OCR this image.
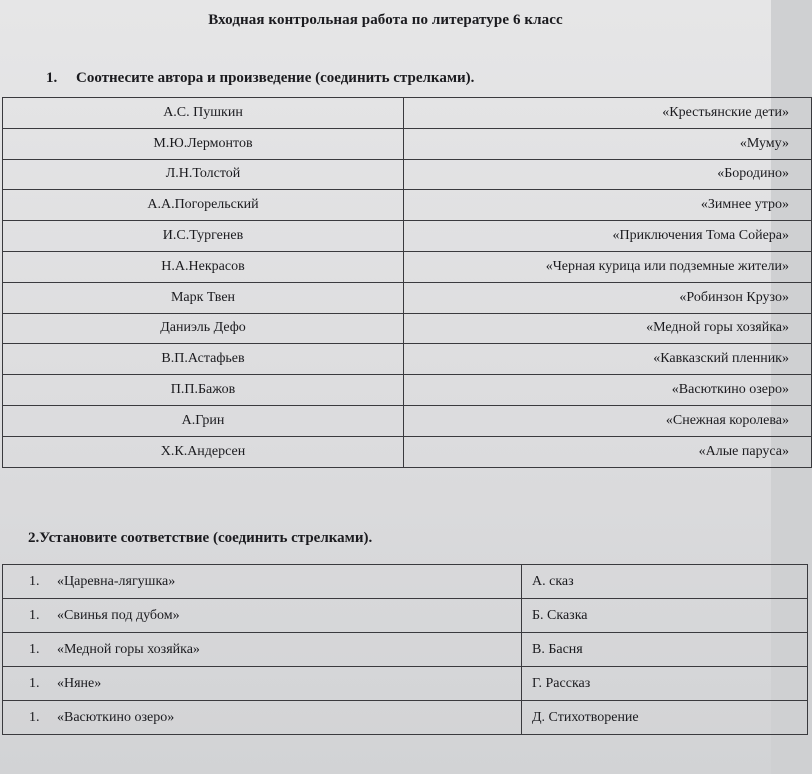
Входная контрольная работа по литературе 6 класс
1. Соотнесите автора и произведение (соединить стрелками).
А.С. Пушкин	«Крестьянские дети»
М.Ю.Лермонтов	«Муму»
Л.Н.Толстой	«Бородино»
А.А.Погорельский	«Зимнее утро»
И.С.Тургенев	«Приключения Тома Сойера»
Н.А.Некрасов	«Черная курица или подземные жители»
Марк Твен	«Робинзон Крузо»
Даниэль Дефо	«Медной горы хозяйка»
В.П.Астафьев	«Кавказский пленник»
П.П.Бажов	«Васюткино озеро»
А.Грин	«Снежная королева»
Х.К.Андерсен	«Алые паруса»
2.Установите соответствие (соединить стрелками).
1. «Царевна-лягушка»	А. сказ
1. «Свинья под дубом»	Б. Сказка
1. «Медной горы хозяйка»	В. Басня
1. «Няне»	Г. Рассказ
1. «Васюткино озеро»	Д. Стихотворение
